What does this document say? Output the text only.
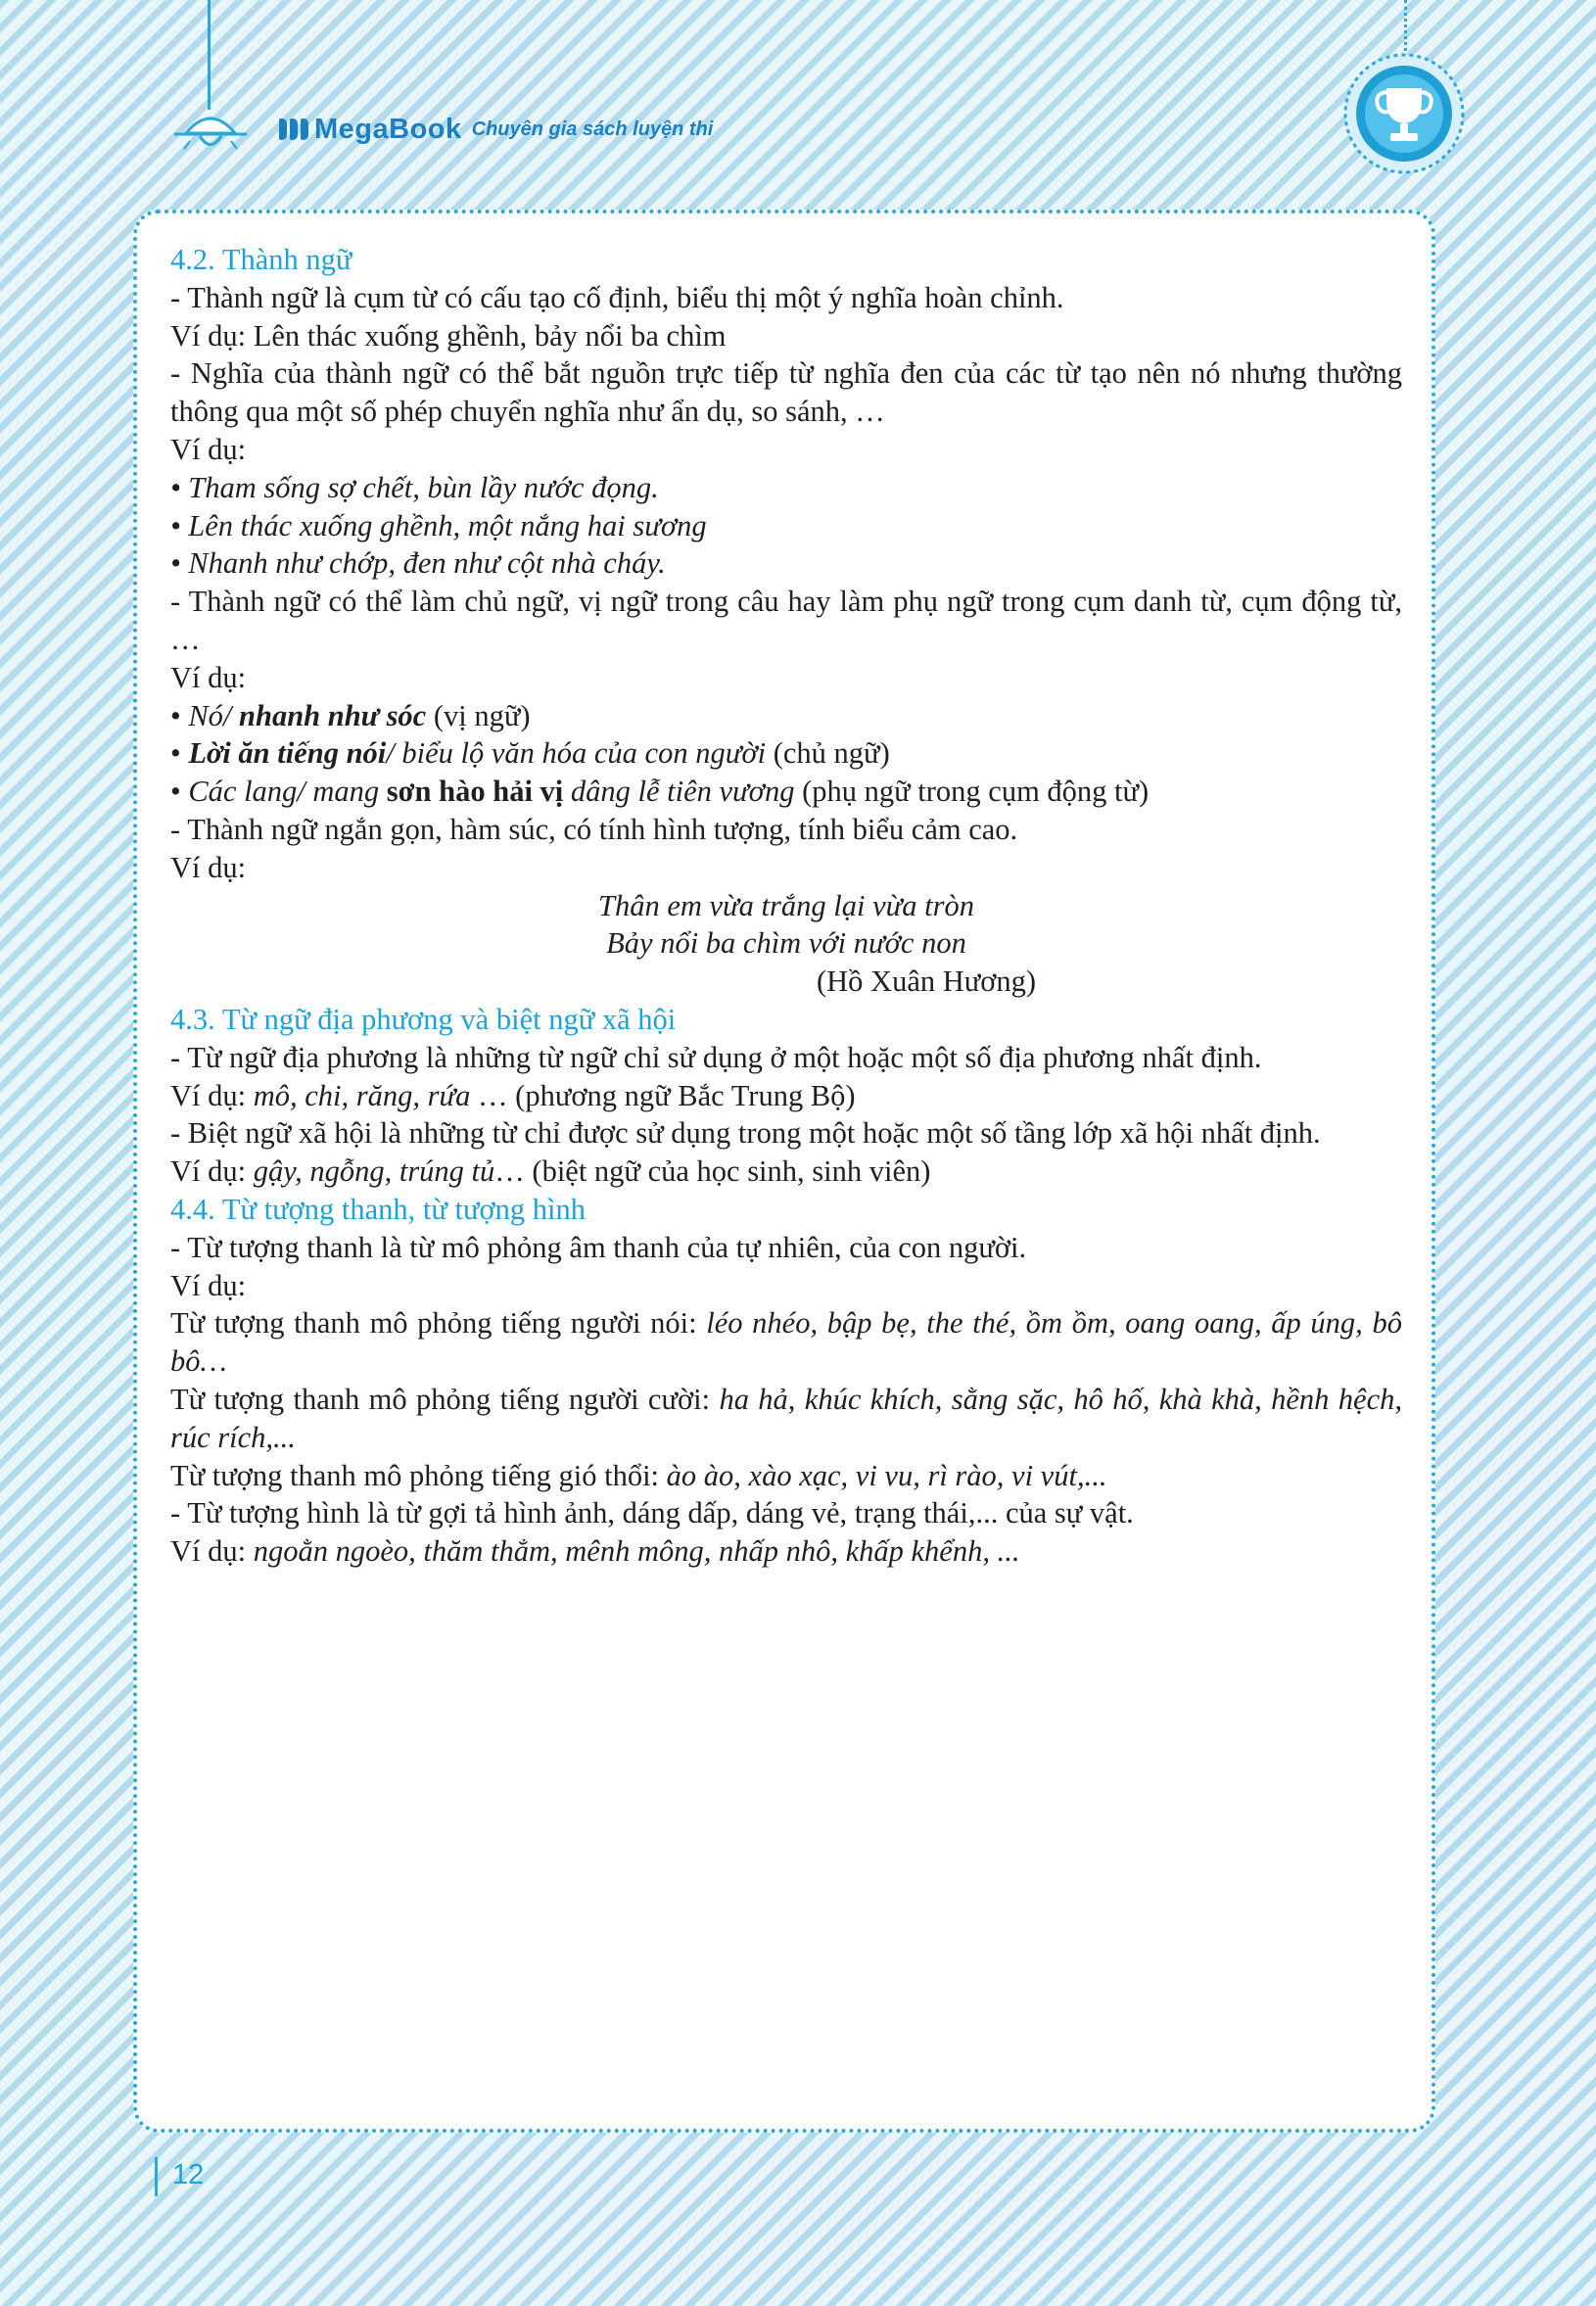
MegaBook Chuyên gia sách luyện thi

4.2. Thành ngữ

- Thành ngữ là cụm từ có cấu tạo cố định, biểu thị một ý nghĩa hoàn chỉnh.

Ví dụ: Lên thác xuống ghềnh, bảy nổi ba chìm

- Nghĩa của thành ngữ có thể bắt nguồn trực tiếp từ nghĩa đen của các từ tạo nên nó nhưng thường thông qua một số phép chuyển nghĩa như ẩn dụ, so sánh, …

Ví dụ:

• Tham sống sợ chết, bùn lầy nước đọng.

• Lên thác xuống ghềnh, một nắng hai sương

• Nhanh như chớp, đen như cột nhà cháy.

- Thành ngữ có thể làm chủ ngữ, vị ngữ trong câu hay làm phụ ngữ trong cụm danh từ, cụm động từ, …

Ví dụ:

• Nó/ nhanh như sóc (vị ngữ)

• Lời ăn tiếng nói/ biểu lộ văn hóa của con người (chủ ngữ)

• Các lang/ mang sơn hào hải vị dâng lễ tiên vương (phụ ngữ trong cụm động từ)

- Thành ngữ ngắn gọn, hàm súc, có tính hình tượng, tính biểu cảm cao.

Ví dụ:

Thân em vừa trắng lại vừa tròn

Bảy nổi ba chìm với nước non

(Hồ Xuân Hương)

4.3. Từ ngữ địa phương và biệt ngữ xã hội

- Từ ngữ địa phương là những từ ngữ chỉ sử dụng ở một hoặc một số địa phương nhất định.

Ví dụ: mô, chi, răng, rứa … (phương ngữ Bắc Trung Bộ)

- Biệt ngữ xã hội là những từ chỉ được sử dụng trong một hoặc một số tầng lớp xã hội nhất định.

Ví dụ: gậy, ngỗng, trúng tủ… (biệt ngữ của học sinh, sinh viên)

4.4. Từ tượng thanh, từ tượng hình

- Từ tượng thanh là từ mô phỏng âm thanh của tự nhiên, của con người.

Ví dụ:

Từ tượng thanh mô phỏng tiếng người nói: léo nhéo, bập bẹ, the thé, ồm ồm, oang oang, ấp úng, bô bô…

Từ tượng thanh mô phỏng tiếng người cười: ha hả, khúc khích, sằng sặc, hô hố, khà khà, hềnh hệch, rúc rích,...

Từ tượng thanh mô phỏng tiếng gió thổi: ào ào, xào xạc, vi vu, rì rào, vi vút,...

- Từ tượng hình là từ gợi tả hình ảnh, dáng dấp, dáng vẻ, trạng thái,... của sự vật.

Ví dụ: ngoằn ngoèo, thăm thẳm, mênh mông, nhấp nhô, khấp khểnh, ...

12
